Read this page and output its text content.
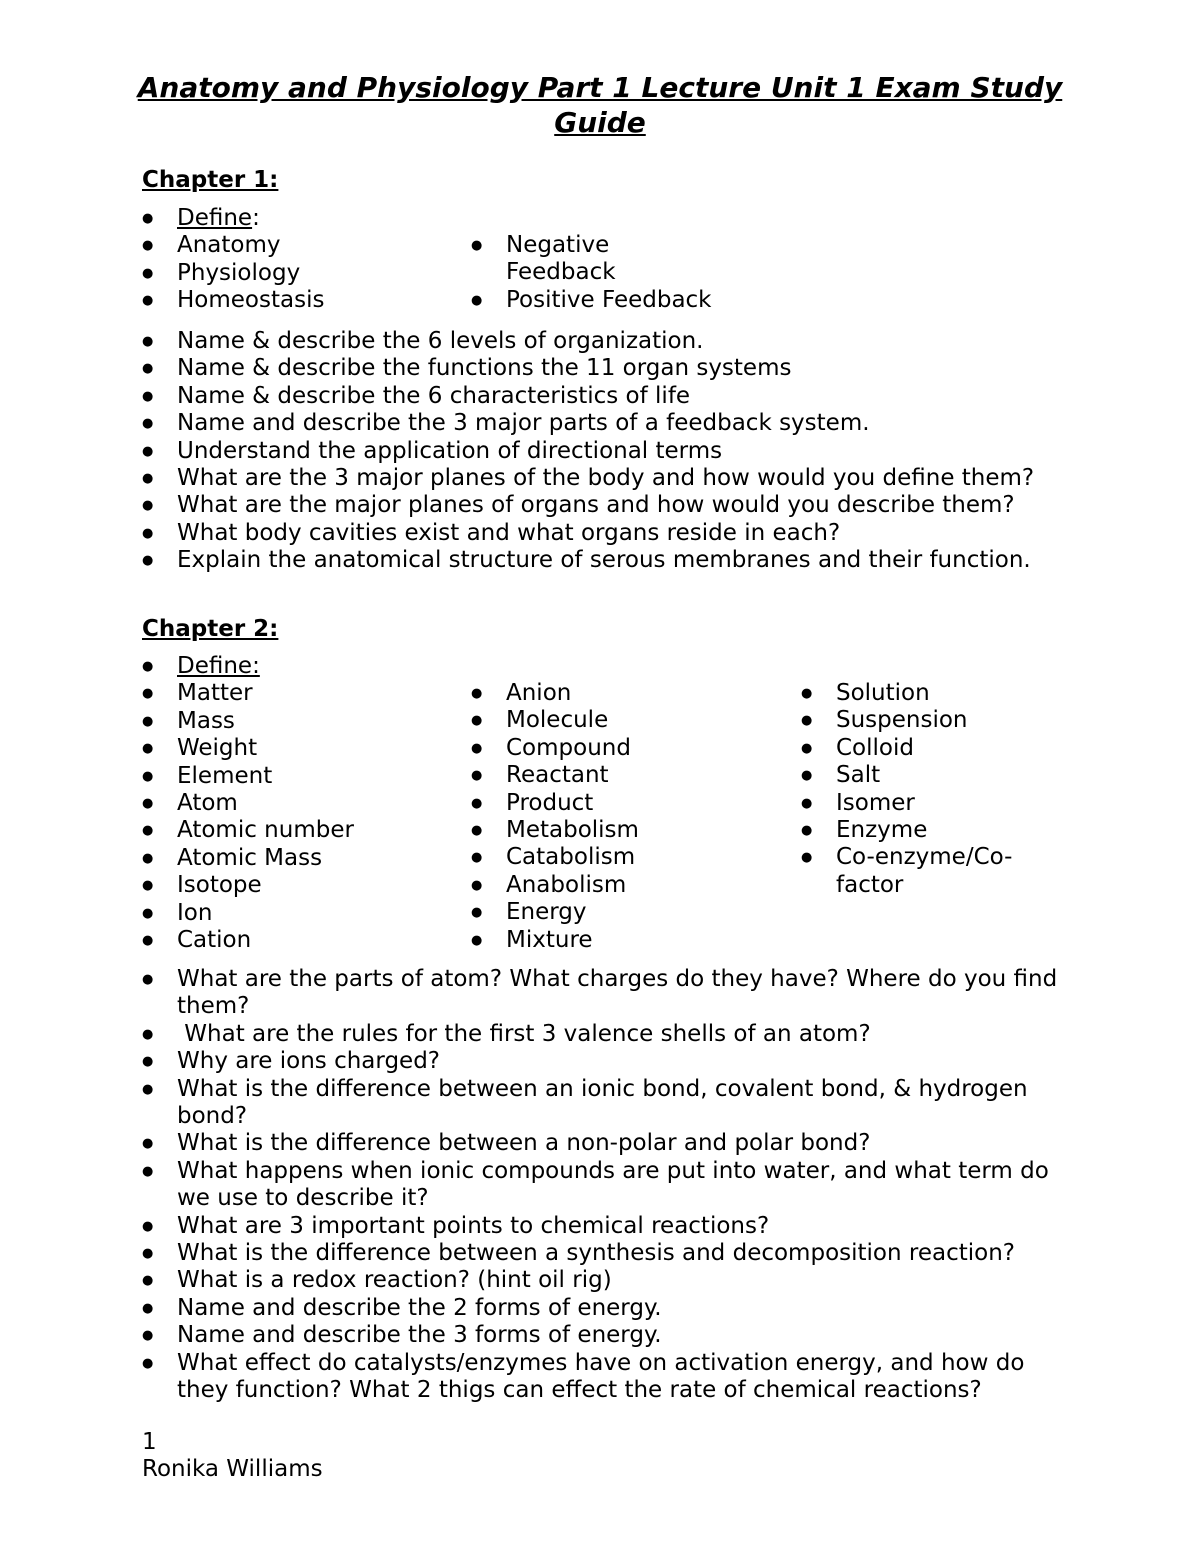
Anatomy and Physiology Part 1 Lecture Unit 1 Exam Study Guide
Chapter 1:
● Define:
● Anatomy
● Physiology
● Homeostasis
● Negative Feedback
● Positive Feedback
● Name & describe the 6 levels of organization.
● Name & describe the functions the 11 organ systems
● Name & describe the 6 characteristics of life
● Name and describe the 3 major parts of a feedback system.
● Understand the application of directional terms
● What are the 3 major planes of the body and how would you define them?
● What are the major planes of organs and how would you describe them?
● What body cavities exist and what organs reside in each?
● Explain the anatomical structure of serous membranes and their function.
Chapter 2:
● Define:
● Matter
● Mass
● Weight
● Element
● Atom
● Atomic number
● Atomic Mass
● Isotope
● Ion
● Cation
● Anion
● Molecule
● Compound
● Reactant
● Product
● Metabolism
● Catabolism
● Anabolism
● Energy
● Mixture
● Solution
● Suspension
● Colloid
● Salt
● Isomer
● Enzyme
● Co-enzyme/Co-factor
● What are the parts of atom? What charges do they have? Where do you find them?
●  What are the rules for the first 3 valence shells of an atom?
● Why are ions charged?
● What is the difference between an ionic bond, covalent bond, & hydrogen bond?
● What is the difference between a non-polar and polar bond?
● What happens when ionic compounds are put into water, and what term do we use to describe it?
● What are 3 important points to chemical reactions?
● What is the difference between a synthesis and decomposition reaction?
● What is a redox reaction? (hint oil rig)
● Name and describe the 2 forms of energy.
● Name and describe the 3 forms of energy.
● What effect do catalysts/enzymes have on activation energy, and how do they function? What 2 thigs can effect the rate of chemical reactions?
1
Ronika Williams
